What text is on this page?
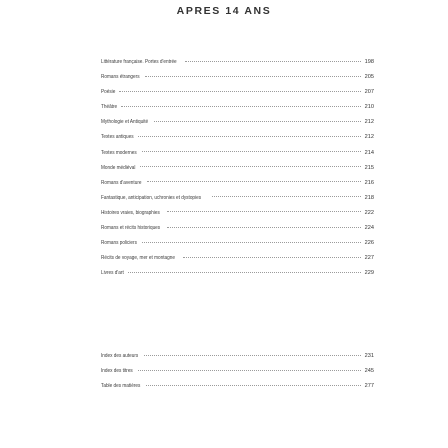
APRES 14 ANS
Littérature française. Portes d'entrée	198
Romans étrangers	205
Poésie	207
Théâtre	210
Mythologie et Antiquité	212
Textes antiques	212
Textes modernes	214
Monde médiéval	215
Romans d'aventure	216
Fantastique, anticipation, uchronies et dystopies	218
Histoires vraies, biographies	222
Romans et récits historiques	224
Romans policiers	226
Récits de voyage, mer et montagne	227
Livres d'art	229
Index des auteurs	231
Index des titres	245
Table des matières	277
